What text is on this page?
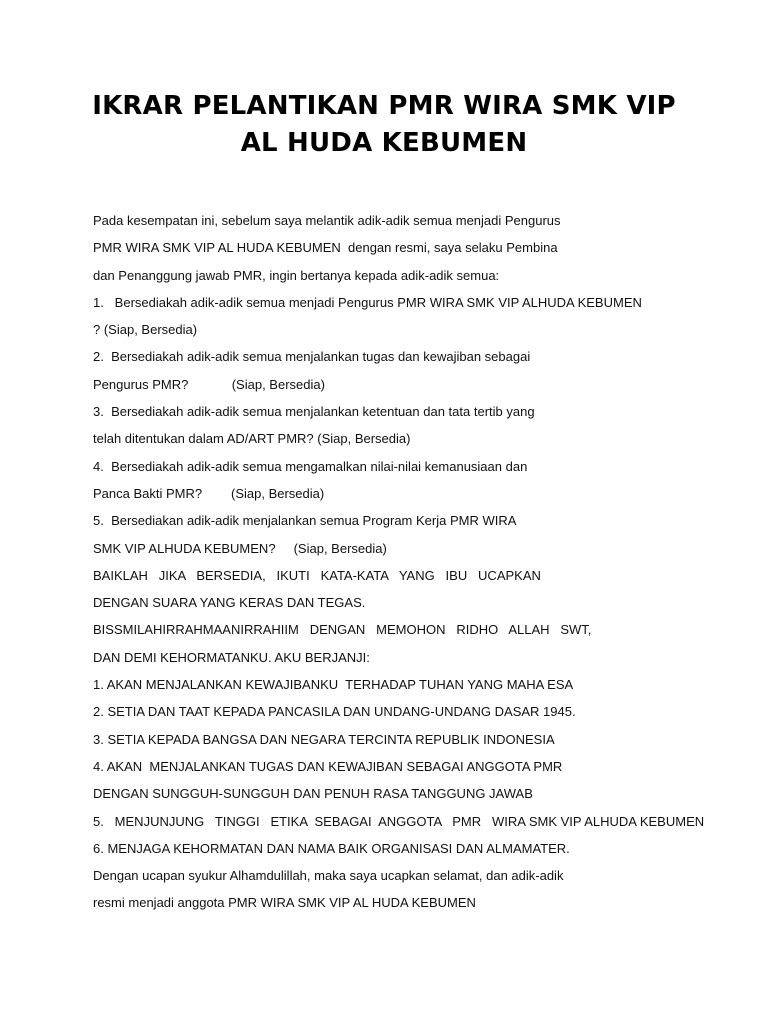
IKRAR PELANTIKAN PMR WIRA SMK VIP
AL HUDA KEBUMEN
Pada kesempatan ini, sebelum saya melantik adik-adik semua menjadi Pengurus
PMR WIRA SMK VIP AL HUDA KEBUMEN  dengan resmi, saya selaku Pembina
dan Penanggung jawab PMR, ingin bertanya kepada adik-adik semua:
1.   Bersediakah adik-adik semua menjadi Pengurus PMR WIRA SMK VIP ALHUDA KEBUMEN
? (Siap, Bersedia)
2.  Bersediakah adik-adik semua menjalankan tugas dan kewajiban sebagai
Pengurus PMR?            (Siap, Bersedia)
3.  Bersediakah adik-adik semua menjalankan ketentuan dan tata tertib yang
telah ditentukan dalam AD/ART PMR? (Siap, Bersedia)
4.  Bersediakah adik-adik semua mengamalkan nilai-nilai kemanusiaan dan
Panca Bakti PMR?        (Siap, Bersedia)
5.  Bersediakan adik-adik menjalankan semua Program Kerja PMR WIRA
SMK VIP ALHUDA KEBUMEN?     (Siap, Bersedia)
BAIKLAH   JIKA   BERSEDIA,   IKUTI   KATA-KATA   YANG   IBU   UCAPKAN
DENGAN SUARA YANG KERAS DAN TEGAS.
BISSMILAHIRRAHMAANIRRAHIIM   DENGAN   MEMOHON   RIDHO   ALLAH   SWT,
DAN DEMI KEHORMATANKU. AKU BERJANJI:
1. AKAN MENJALANKAN KEWAJIBANKU  TERHADAP TUHAN YANG MAHA ESA
2. SETIA DAN TAAT KEPADA PANCASILA DAN UNDANG-UNDANG DASAR 1945.
3. SETIA KEPADA BANGSA DAN NEGARA TERCINTA REPUBLIK INDONESIA
4. AKAN  MENJALANKAN TUGAS DAN KEWAJIBAN SEBAGAI ANGGOTA PMR
DENGAN SUNGGUH-SUNGGUH DAN PENUH RASA TANGGUNG JAWAB
5.   MENJUNJUNG   TINGGI   ETIKA  SEBAGAI  ANGGOTA   PMR   WIRA SMK VIP ALHUDA KEBUMEN
6. MENJAGA KEHORMATAN DAN NAMA BAIK ORGANISASI DAN ALMAMATER.
Dengan ucapan syukur Alhamdulillah, maka saya ucapkan selamat, dan adik-adik
resmi menjadi anggota PMR WIRA SMK VIP AL HUDA KEBUMEN
